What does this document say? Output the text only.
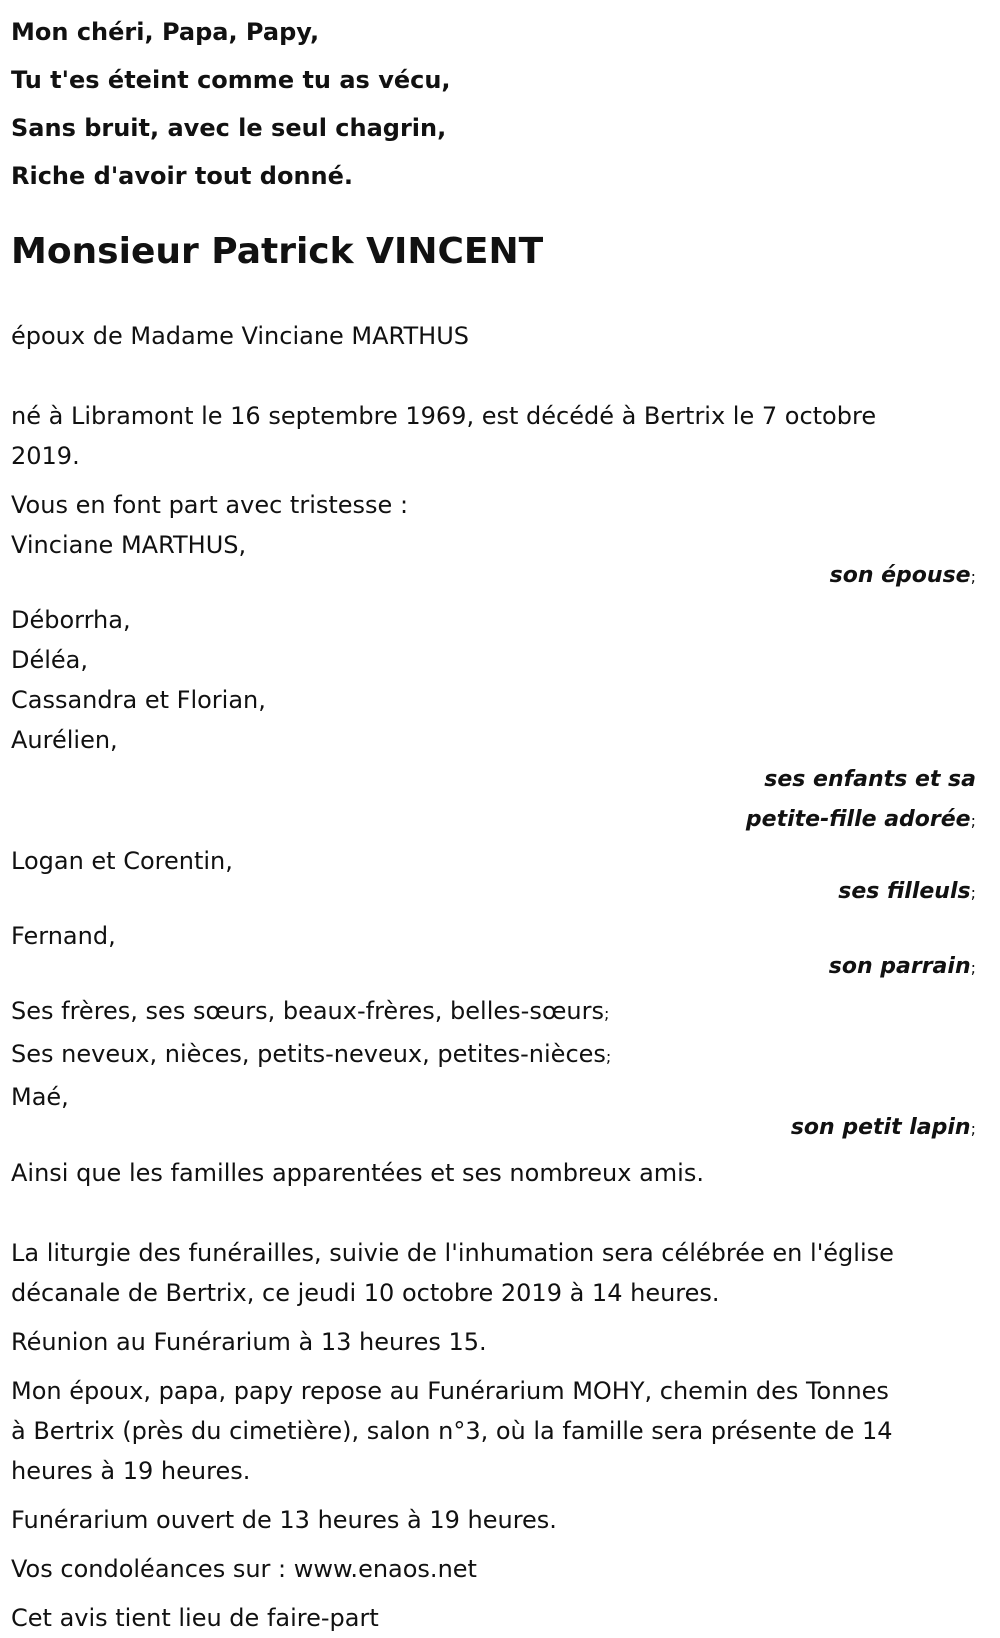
Mon chéri, Papa, Papy,

Tu t'es éteint comme tu as vécu,

Sans bruit, avec le seul chagrin,

Riche d'avoir tout donné.

Monsieur Patrick VINCENT

époux de Madame Vinciane MARTHUS

né à Libramont le 16 septembre 1969, est décédé à Bertrix le 7 octobre

2019.

Vous en font part avec tristesse :

Vinciane MARTHUS,

son épouse;

Déborrha,

Déléa,

Cassandra et Florian,

Aurélien,

ses enfants et sa

petite-fille adorée;

Logan et Corentin,

ses filleuls;

Fernand,

son parrain;

Ses frères, ses sœurs, beaux-frères, belles-sœurs;

Ses neveux, nièces, petits-neveux, petites-nièces;

Maé,

son petit lapin;

Ainsi que les familles apparentées et ses nombreux amis.

La liturgie des funérailles, suivie de l'inhumation sera célébrée en l'église

décanale de Bertrix, ce jeudi 10 octobre 2019 à 14 heures.

Réunion au Funérarium à 13 heures 15.

Mon époux, papa, papy repose au Funérarium MOHY, chemin des Tonnes

à Bertrix (près du cimetière), salon n°3, où la famille sera présente de 14

heures à 19 heures.

Funérarium ouvert de 13 heures à 19 heures.

Vos condoléances sur : www.enaos.net

Cet avis tient lieu de faire-part
